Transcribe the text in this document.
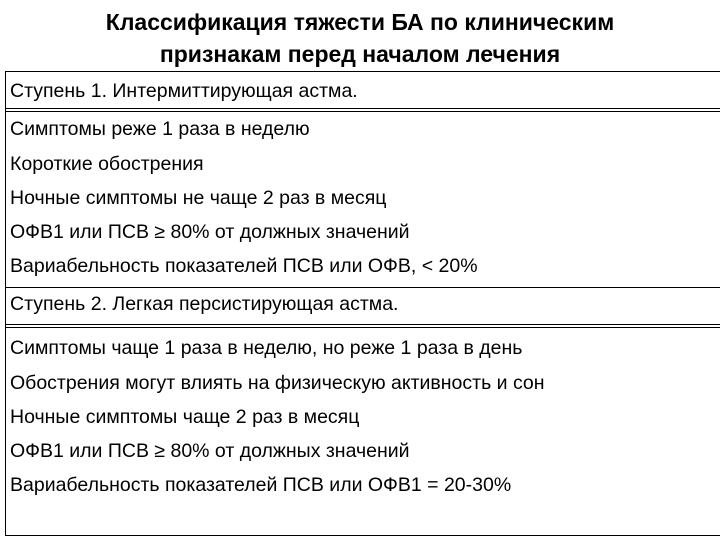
Классификация тяжести БА по клиническим
признакам перед началом лечения
Ступень 1. Интермиттирующая астма.
Симптомы реже 1 раза в неделю
Короткие обострения
Ночные симптомы не чаще 2 раз в месяц
ОФВ1 или ПСВ ≥ 80% от должных значений
Вариабельность показателей ПСВ или ОФВ, < 20%
Ступень 2. Легкая персистирующая астма.
Симптомы чаще 1 раза в неделю, но реже 1 раза в день
Обострения могут влиять на физическую активность и сон
Ночные симптомы чаще 2 раз в месяц
ОФВ1 или ПСВ ≥ 80% от должных значений
Вариабельность показателей ПСВ или ОФВ1 = 20-30%
